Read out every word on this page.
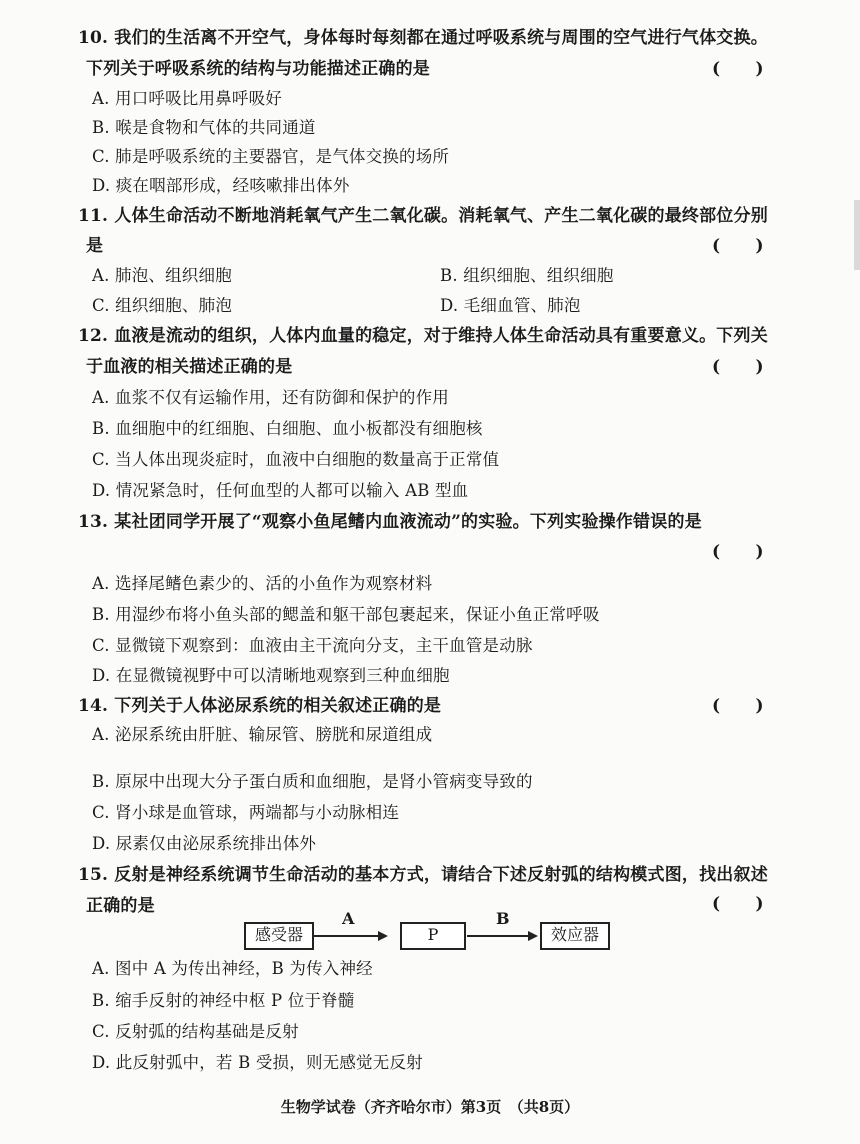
10. 我们的生活离不开空气，身体每时每刻都在通过呼吸系统与周围的空气进行气体交换。
下列关于呼吸系统的结构与功能描述正确的是	(      )
A. 用口呼吸比用鼻呼吸好
B. 喉是食物和气体的共同通道
C. 肺是呼吸系统的主要器官，是气体交换的场所
D. 痰在咽部形成，经咳嗽排出体外
11. 人体生命活动不断地消耗氧气产生二氧化碳。消耗氧气、产生二氧化碳的最终部位分别
是	(      )
A. 肺泡、组织细胞	B. 组织细胞、组织细胞
C. 组织细胞、肺泡	D. 毛细血管、肺泡
12. 血液是流动的组织，人体内血量的稳定，对于维持人体生命活动具有重要意义。下列关
于血液的相关描述正确的是	(      )
A. 血浆不仅有运输作用，还有防御和保护的作用
B. 血细胞中的红细胞、白细胞、血小板都没有细胞核
C. 当人体出现炎症时，血液中白细胞的数量高于正常值
D. 情况紧急时，任何血型的人都可以输入 AB 型血
13. 某社团同学开展了“观察小鱼尾鳍内血液流动”的实验。下列实验操作错误的是
(      )
A. 选择尾鳍色素少的、活的小鱼作为观察材料
B. 用湿纱布将小鱼头部的鳃盖和躯干部包裹起来，保证小鱼正常呼吸
C. 显微镜下观察到：血液由主干流向分支，主干血管是动脉
D. 在显微镜视野中可以清晰地观察到三种血细胞
14. 下列关于人体泌尿系统的相关叙述正确的是	(      )
A. 泌尿系统由肝脏、输尿管、膀胱和尿道组成
B. 原尿中出现大分子蛋白质和血细胞，是肾小管病变导致的
C. 肾小球是血管球，两端都与小动脉相连
D. 尿素仅由泌尿系统排出体外
15. 反射是神经系统调节生命活动的基本方式，请结合下述反射弧的结构模式图，找出叙述
正确的是	(      )
感受器
A
P
B
效应器
A. 图中 A 为传出神经，B 为传入神经
B. 缩手反射的神经中枢 P 位于脊髓
C. 反射弧的结构基础是反射
D. 此反射弧中，若 B 受损，则无感觉无反射
生物学试卷（齐齐哈尔市）第3页　（共8页）
